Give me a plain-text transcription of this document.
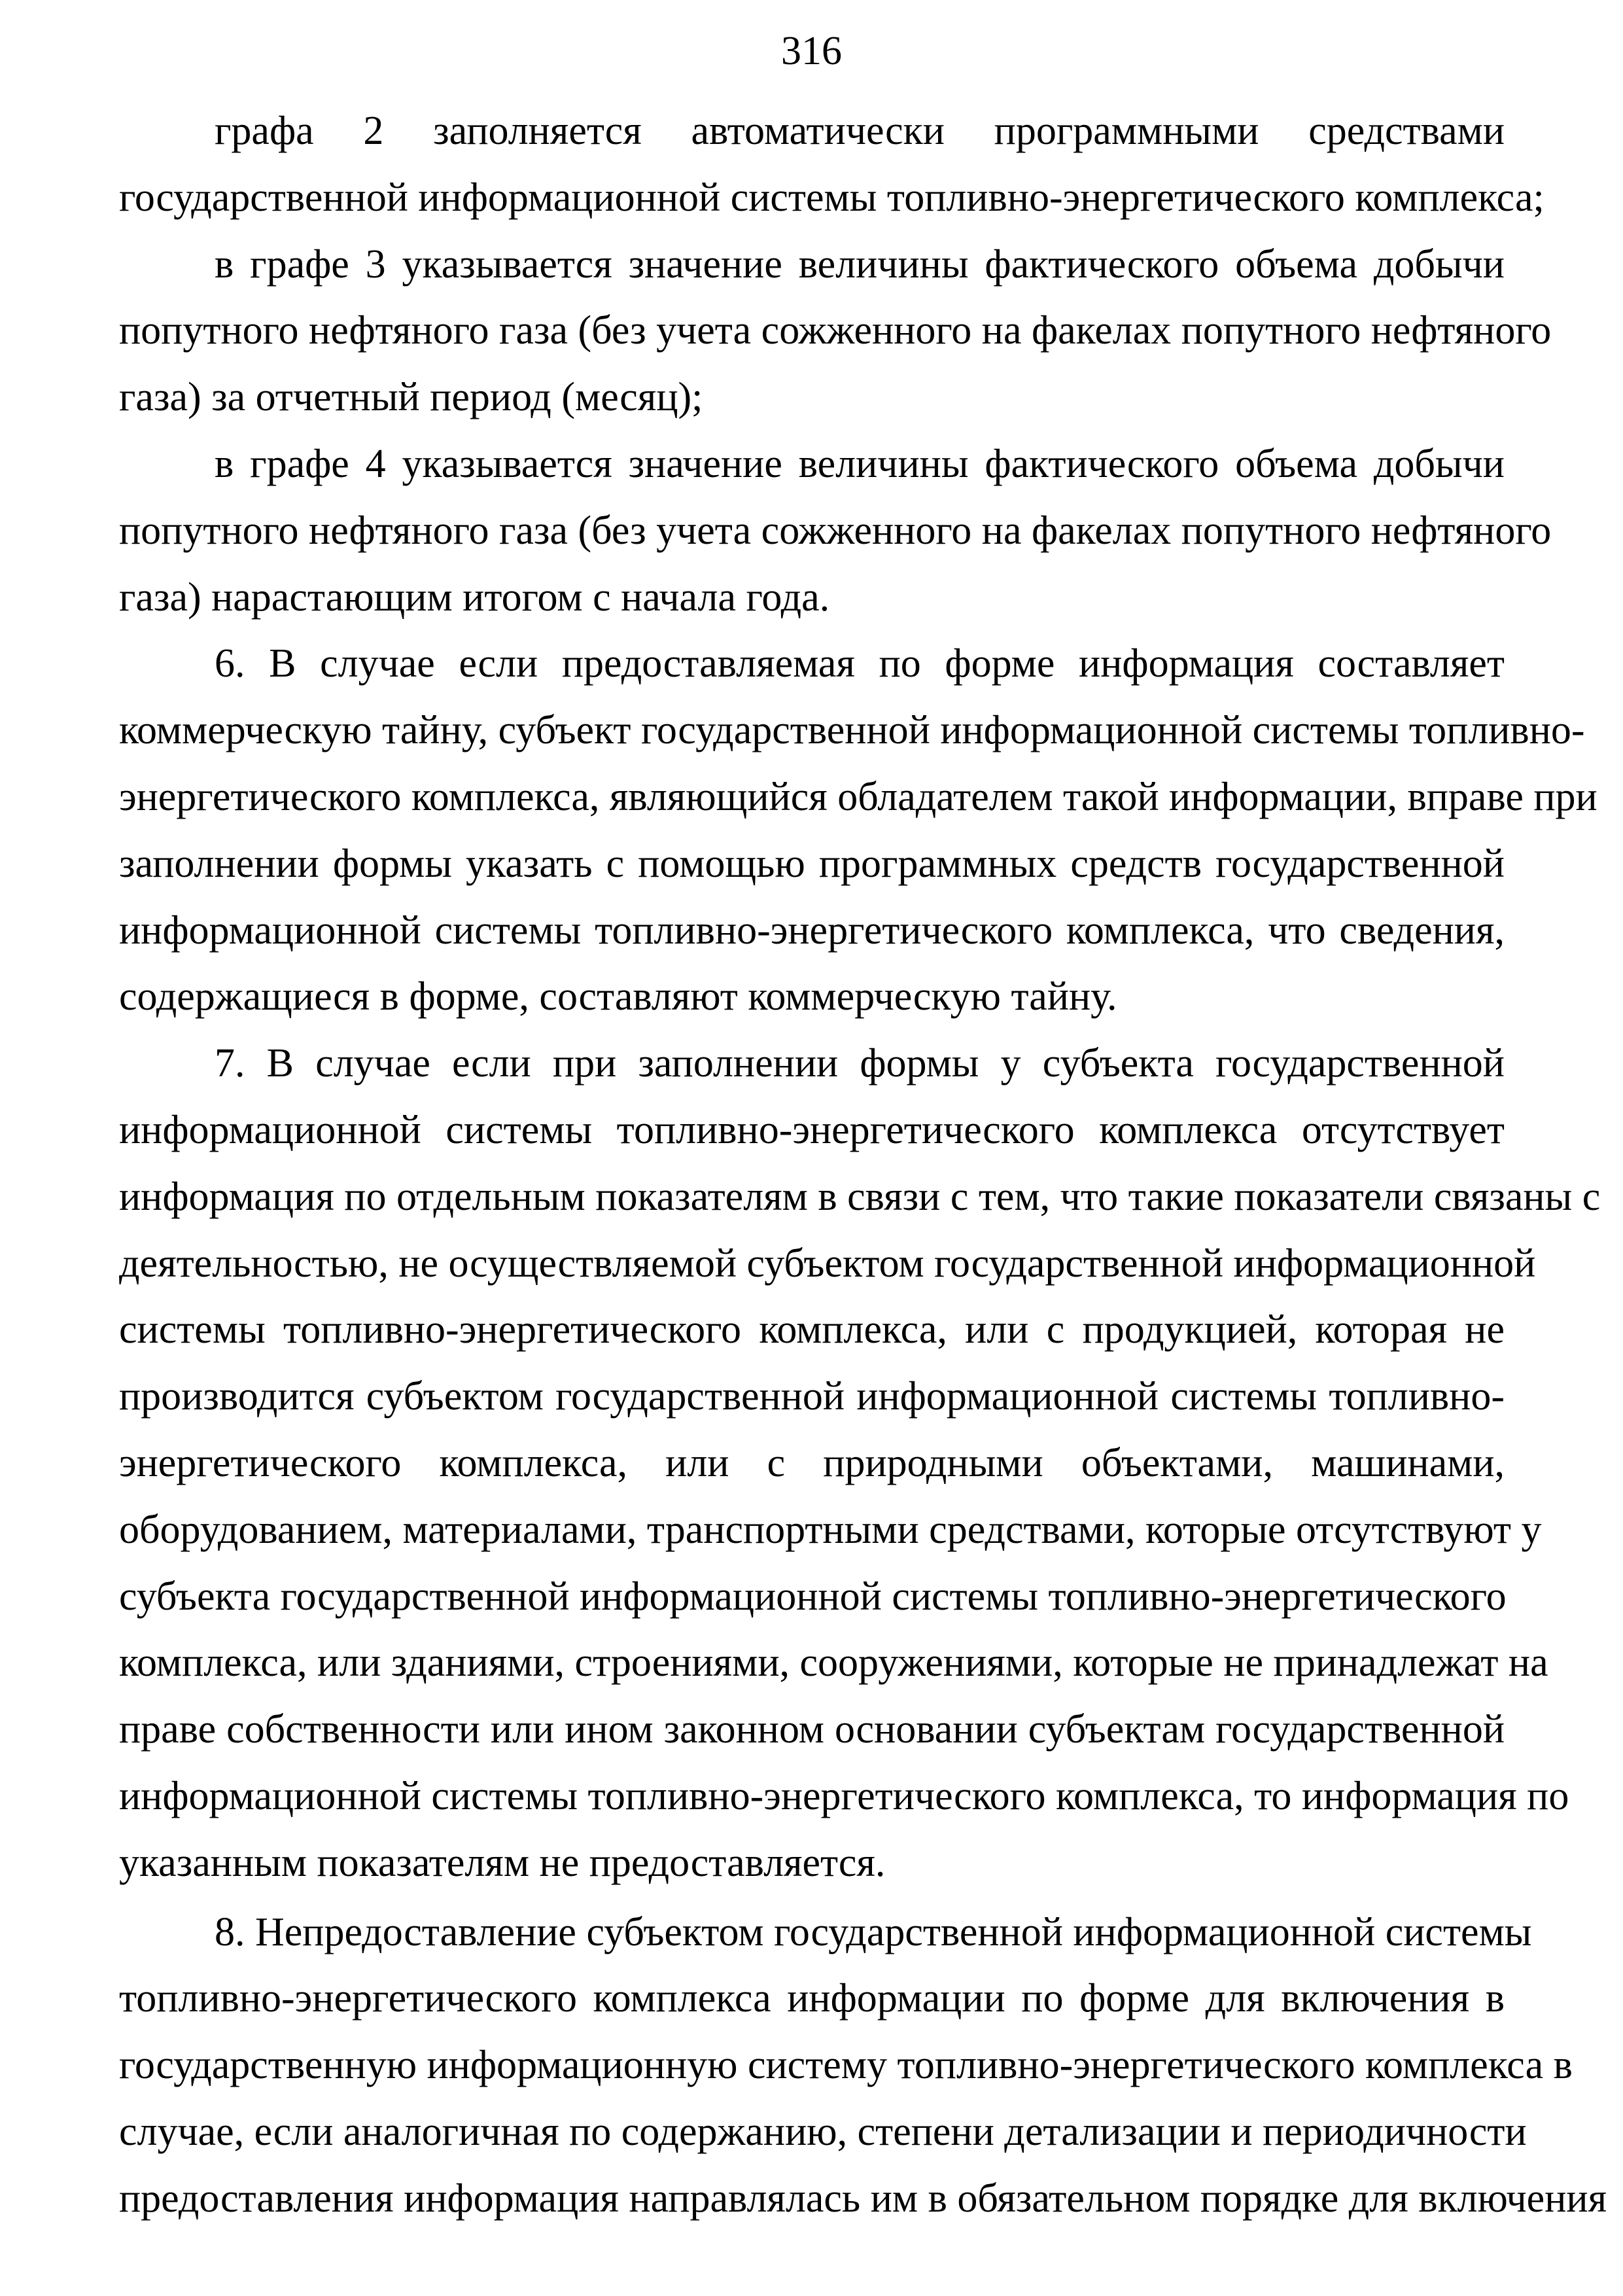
316
графа 2 заполняется автоматически программными средствами
государственной информационной системы топливно-энергетического комплекса;
в графе 3 указывается значение величины фактического объема добычи
попутного нефтяного газа (без учета сожженного на факелах попутного нефтяного
газа) за отчетный период (месяц);
в графе 4 указывается значение величины фактического объема добычи
попутного нефтяного газа (без учета сожженного на факелах попутного нефтяного
газа) нарастающим итогом с начала года.
6. В случае если предоставляемая по форме информация составляет
коммерческую тайну, субъект государственной информационной системы топливно-
энергетического комплекса, являющийся обладателем такой информации, вправе при
заполнении формы указать с помощью программных средств государственной
информационной системы топливно-энергетического комплекса, что сведения,
содержащиеся в форме, составляют коммерческую тайну.
7. В случае если при заполнении формы у субъекта государственной
информационной системы топливно-энергетического комплекса отсутствует
информация по отдельным показателям в связи с тем, что такие показатели связаны с
деятельностью, не осуществляемой субъектом государственной информационной
системы топливно-энергетического комплекса, или с продукцией, которая не
производится субъектом государственной информационной системы топливно-
энергетического комплекса, или с природными объектами, машинами,
оборудованием, материалами, транспортными средствами, которые отсутствуют у
субъекта государственной информационной системы топливно-энергетического
комплекса, или зданиями, строениями, сооружениями, которые не принадлежат на
праве собственности или ином законном основании субъектам государственной
информационной системы топливно-энергетического комплекса, то информация по
указанным показателям не предоставляется.
8. Непредоставление субъектом государственной информационной системы
топливно-энергетического комплекса информации по форме для включения в
государственную информационную систему топливно-энергетического комплекса в
случае, если аналогичная по содержанию, степени детализации и периодичности
предоставления информация направлялась им в обязательном порядке для включения
